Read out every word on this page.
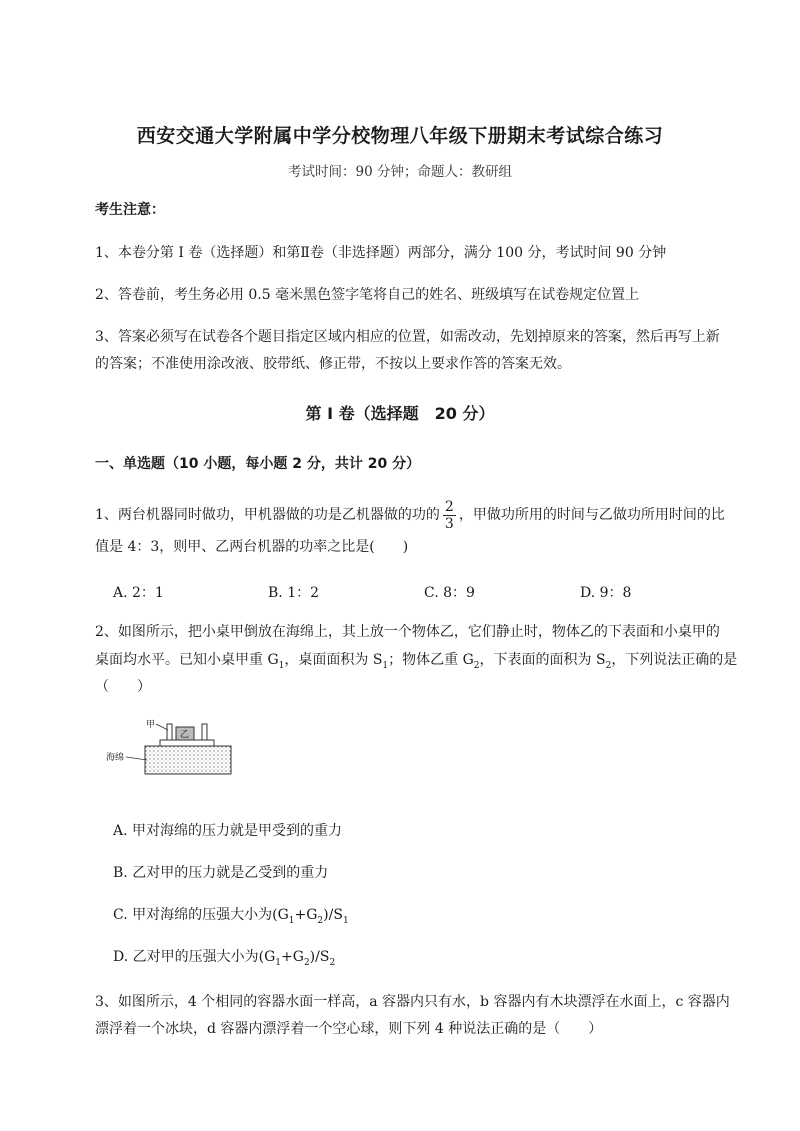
西安交通大学附属中学分校物理八年级下册期末考试综合练习
考试时间：90 分钟；命题人：教研组
考生注意：
1、本卷分第 I 卷（选择题）和第Ⅱ卷（非选择题）两部分，满分 100 分，考试时间 90 分钟
2、答卷前，考生务必用 0.5 毫米黑色签字笔将自己的姓名、班级填写在试卷规定位置上
3、答案必须写在试卷各个题目指定区域内相应的位置，如需改动，先划掉原来的答案，然后再写上新
的答案；不准使用涂改液、胶带纸、修正带，不按以上要求作答的答案无效。
第 I 卷（选择题　20 分）
一、单选题（10 小题，每小题 2 分，共计 20 分）
1、两台机器同时做功，甲机器做的功是乙机器做的功的 $\frac{2}{3}$ ，甲做功所用的时间与乙做功所用时间的比
值是 4：3，则甲、乙两台机器的功率之比是(　　)
A. 2：1	B. 1：2	C. 8：9	D. 9：8
2、如图所示，把小桌甲倒放在海绵上，其上放一个物体乙，它们静止时，物体乙的下表面和小桌甲的
桌面均水平。已知小桌甲重 $G_1$，桌面面积为 $S_1$；物体乙重 $G_2$，下表面的面积为 $S_2$，下列说法正确的是
（　　）
乙
甲
海绵
A. 甲对海绵的压力就是甲受到的重力
B. 乙对甲的压力就是乙受到的重力
C. 甲对海绵的压强大小为$(G_1+G_2)/S_1$
D. 乙对甲的压强大小为$(G_1+G_2)/S_2$
3、如图所示，4 个相同的容器水面一样高，a 容器内只有水，b 容器内有木块漂浮在水面上，c 容器内
漂浮着一个冰块，d 容器内漂浮着一个空心球，则下列 4 种说法正确的是（　　）
